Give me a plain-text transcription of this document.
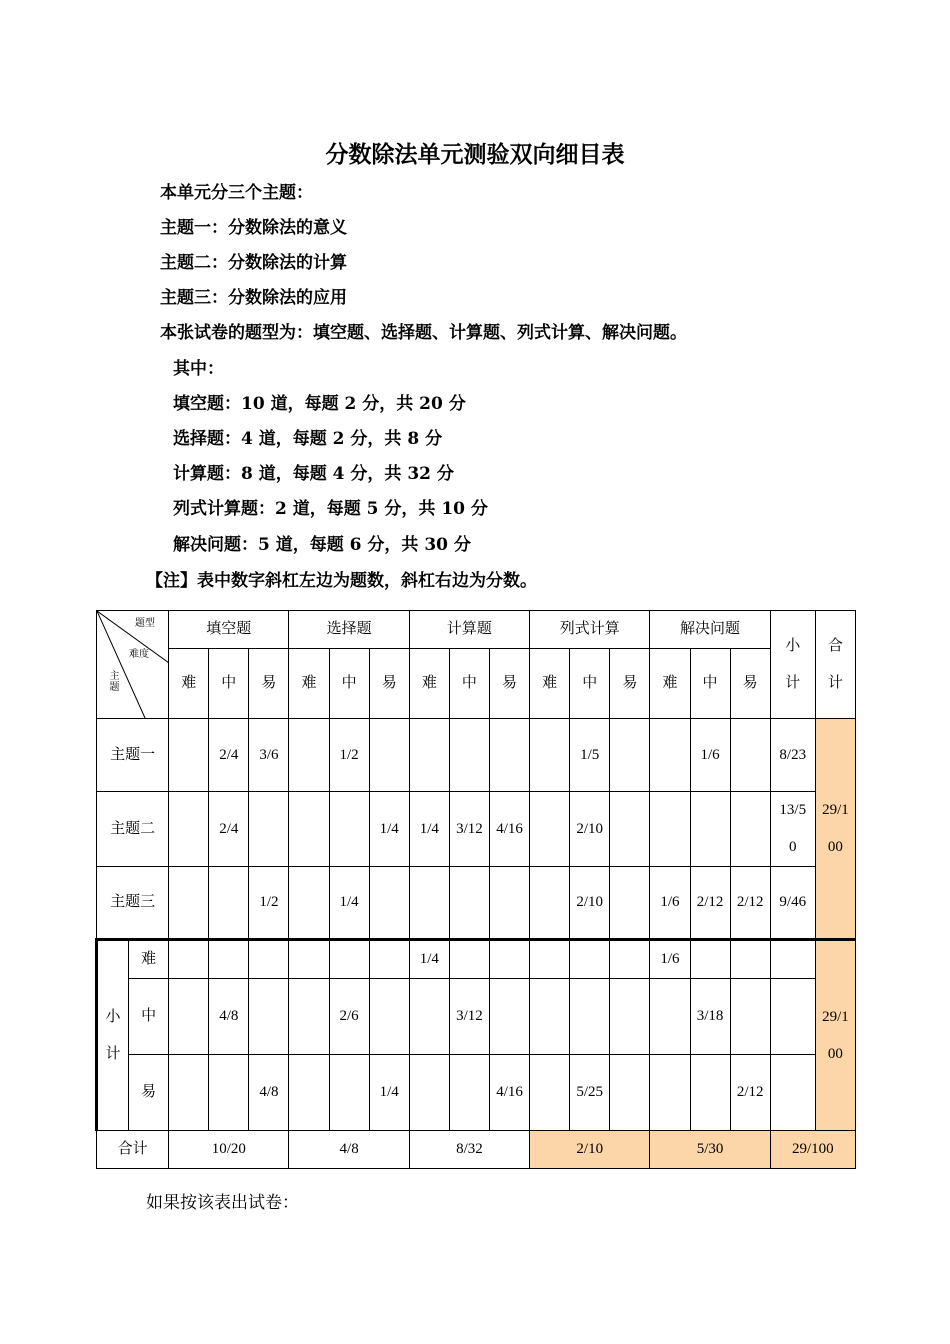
分数除法单元测验双向细目表
本单元分三个主题：
主题一：分数除法的意义
主题二：分数除法的计算
主题三：分数除法的应用
本张试卷的题型为：填空题、选择题、计算题、列式计算、解决问题。
其中：
填空题：10 道，每题 2 分，共 20 分
选择题：4 道，每题 2 分，共 8 分
计算题：8 道，每题 4 分，共 32 分
列式计算题：2 道，每题 5 分，共 10 分
解决问题：5 道，每题 6 分，共 30 分
【注】表中数字斜杠左边为题数，斜杠右边为分数。
题型
难度
主题		填空题			选择题			计算题			列式计算			解决问题			小计	合计
		难	中	易	难	中	易	难	中	易	难	中	易	难	中	易		
主题一			2/4	3/6		1/2						1/5			1/6		8/23	29/100
主题二			2/4				1/4	1/4	3/12	4/16		2/10					13/50	
主题三				1/2		1/4						2/10		1/6	2/12	2/12	9/46	
小计	难							1/4						1/6				29/100
	中		4/8			2/6			3/12						3/18			
	易			4/8			1/4			4/16		5/25				2/12		
合计		10/20			4/8			8/32			2/10			5/30			29/100	
如果按该表出试卷：
